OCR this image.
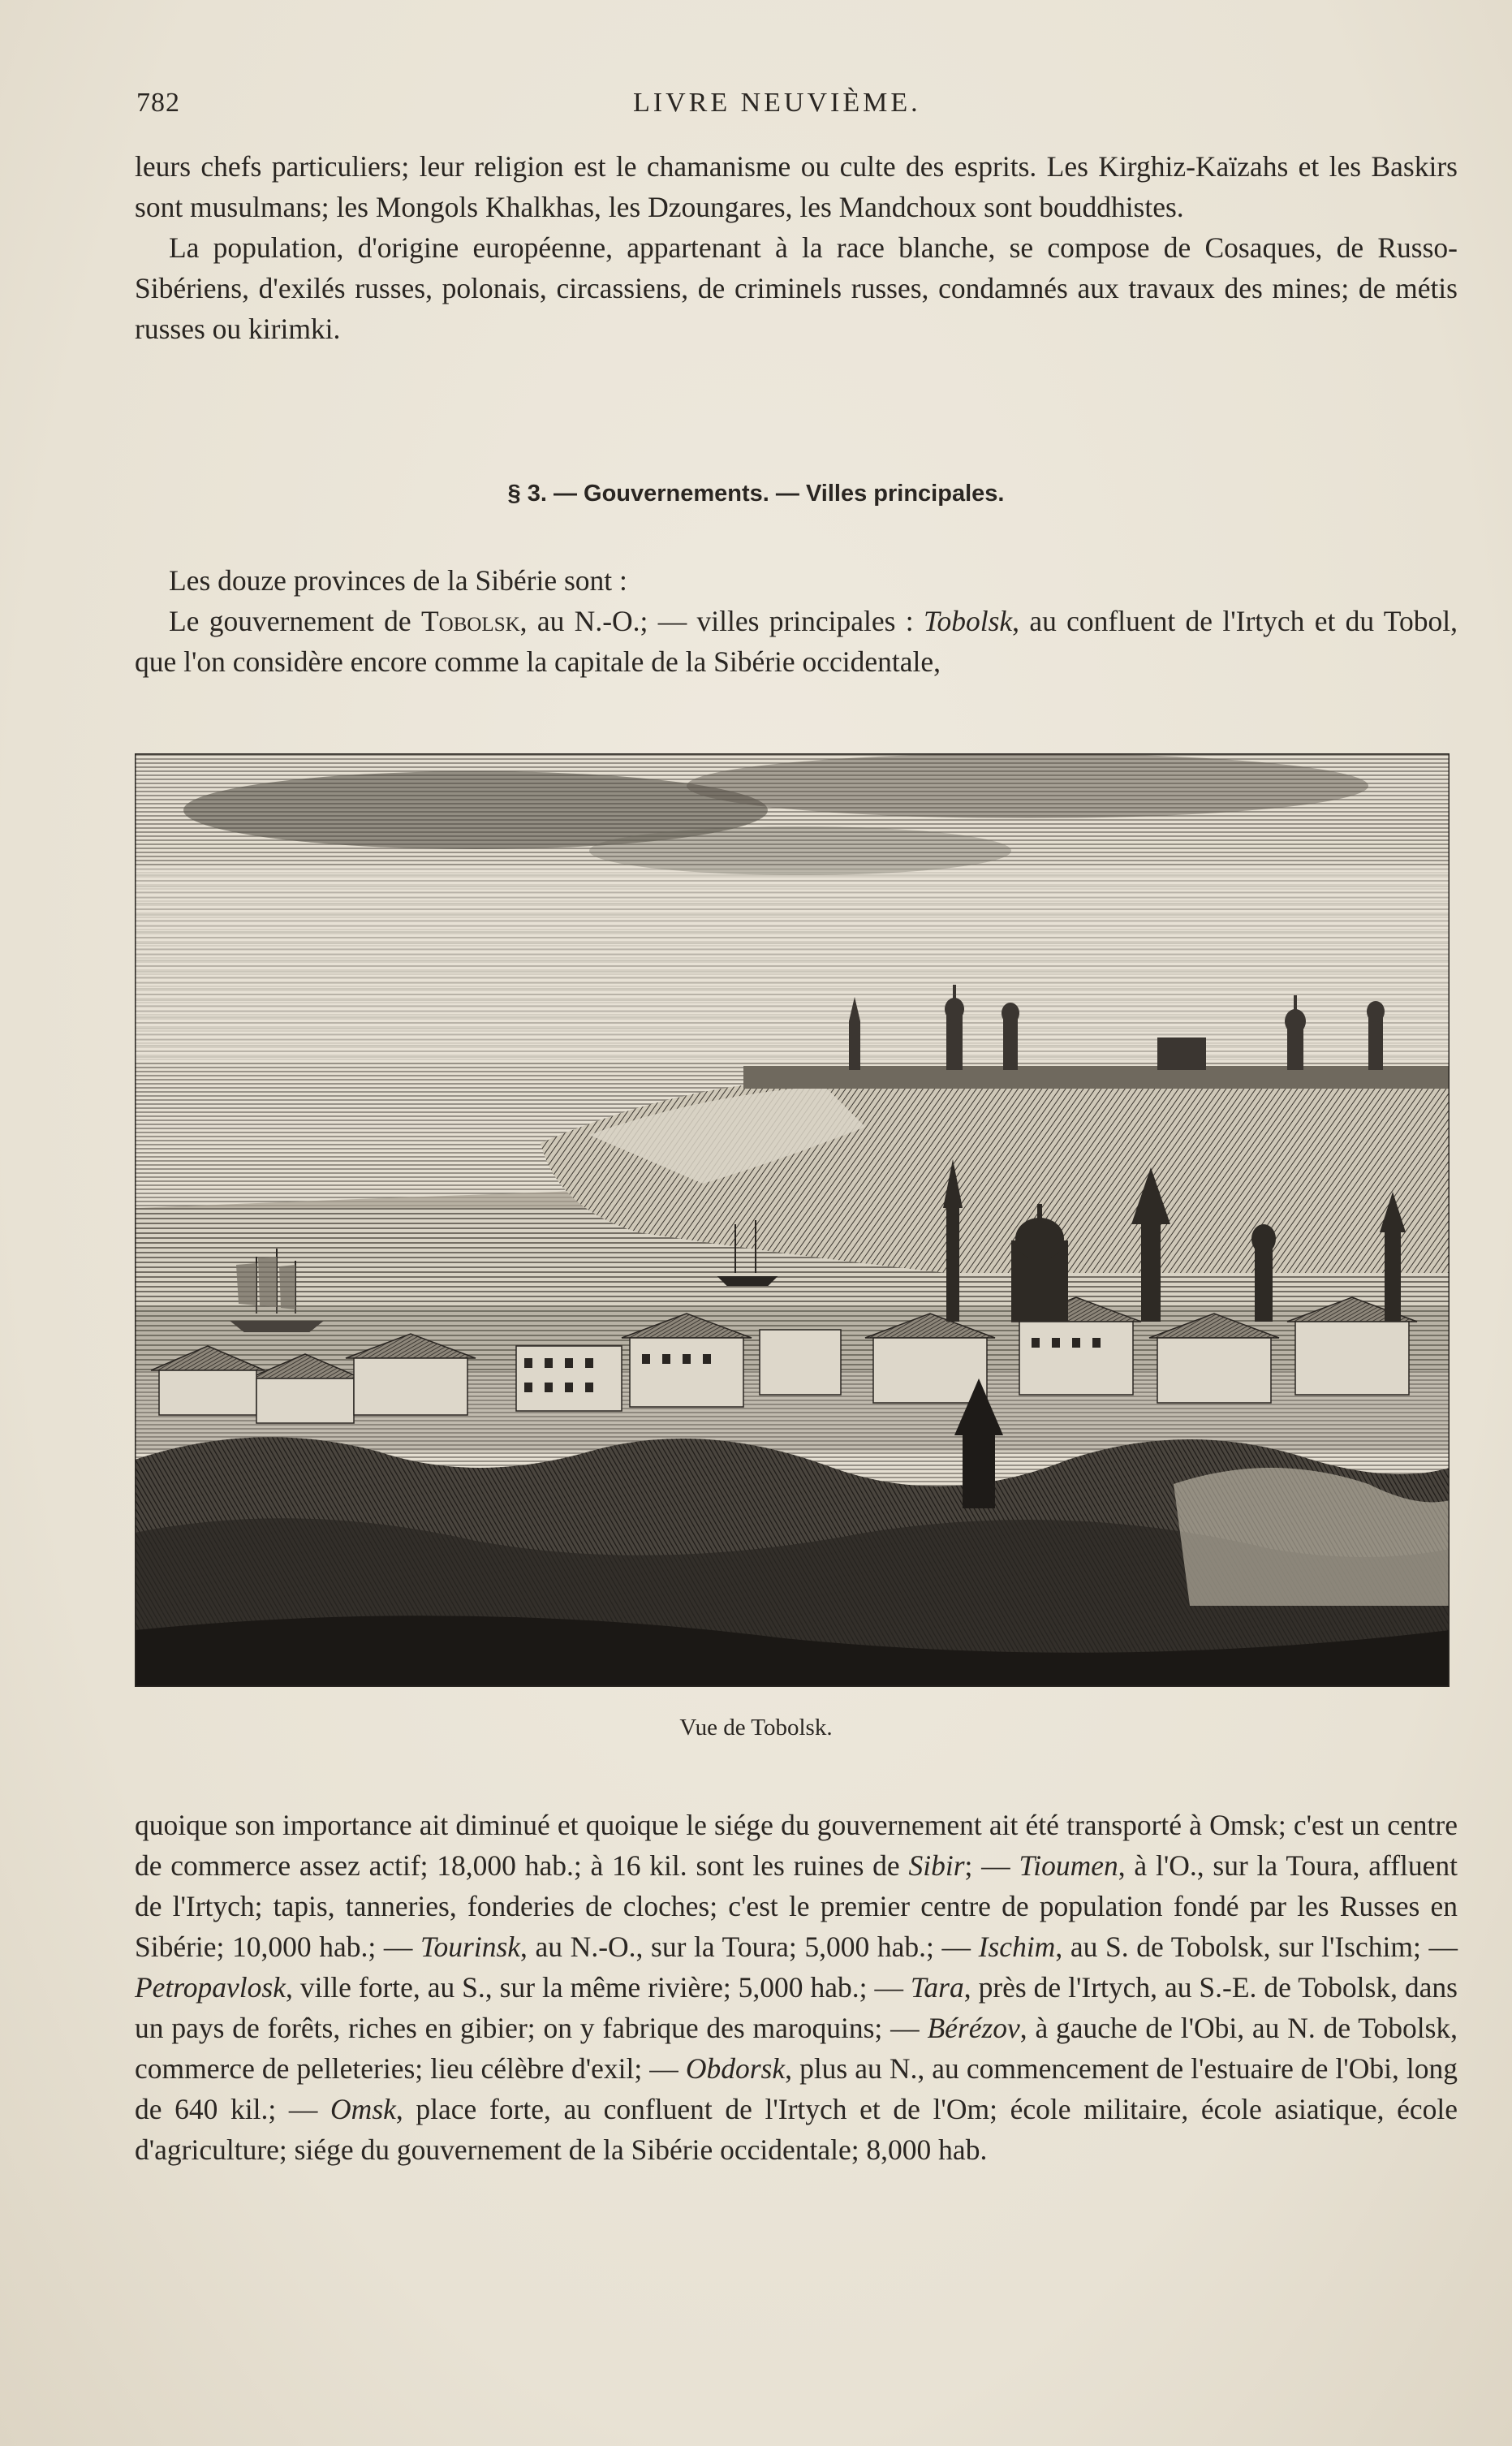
782	LIVRE NEUVIÈME.

leurs chefs particuliers; leur religion est le chamanisme ou culte des esprits. Les Kirghiz-Kaïzahs et les Baskirs sont musulmans; les Mongols Khalkhas, les Dzoungares, les Mandchoux sont bouddhistes.

La population, d'origine européenne, appartenant à la race blanche, se compose de Cosaques, de Russo-Sibériens, d'exilés russes, polonais, circassiens, de criminels russes, condamnés aux travaux des mines; de métis russes ou kirimki.

§ 3. — Gouvernements. — Villes principales.

Les douze provinces de la Sibérie sont :

Le gouvernement de Tobolsk, au N.-O.; — villes principales : Tobolsk, au confluent de l'Irtych et du Tobol, que l'on considère encore comme la capitale de la Sibérie occidentale,

Vue de Tobolsk.

quoique son importance ait diminué et quoique le siége du gouvernement ait été transporté à Omsk; c'est un centre de commerce assez actif; 18,000 hab.; à 16 kil. sont les ruines de Sibir; — Tioumen, à l'O., sur la Toura, affluent de l'Irtych; tapis, tanneries, fonderies de cloches; c'est le premier centre de population fondé par les Russes en Sibérie; 10,000 hab.; — Tourinsk, au N.-O., sur la Toura; 5,000 hab.; — Ischim, au S. de Tobolsk, sur l'Ischim; — Petropavlosk, ville forte, au S., sur la même rivière; 5,000 hab.; — Tara, près de l'Irtych, au S.-E. de Tobolsk, dans un pays de forêts, riches en gibier; on y fabrique des maroquins; — Bérézov, à gauche de l'Obi, au N. de Tobolsk, commerce de pelleteries; lieu célèbre d'exil; — Obdorsk, plus au N., au commencement de l'estuaire de l'Obi, long de 640 kil.; — Omsk, place forte, au confluent de l'Irtych et de l'Om; école militaire, école asiatique, école d'agriculture; siége du gouvernement de la Sibérie occidentale; 8,000 hab.
